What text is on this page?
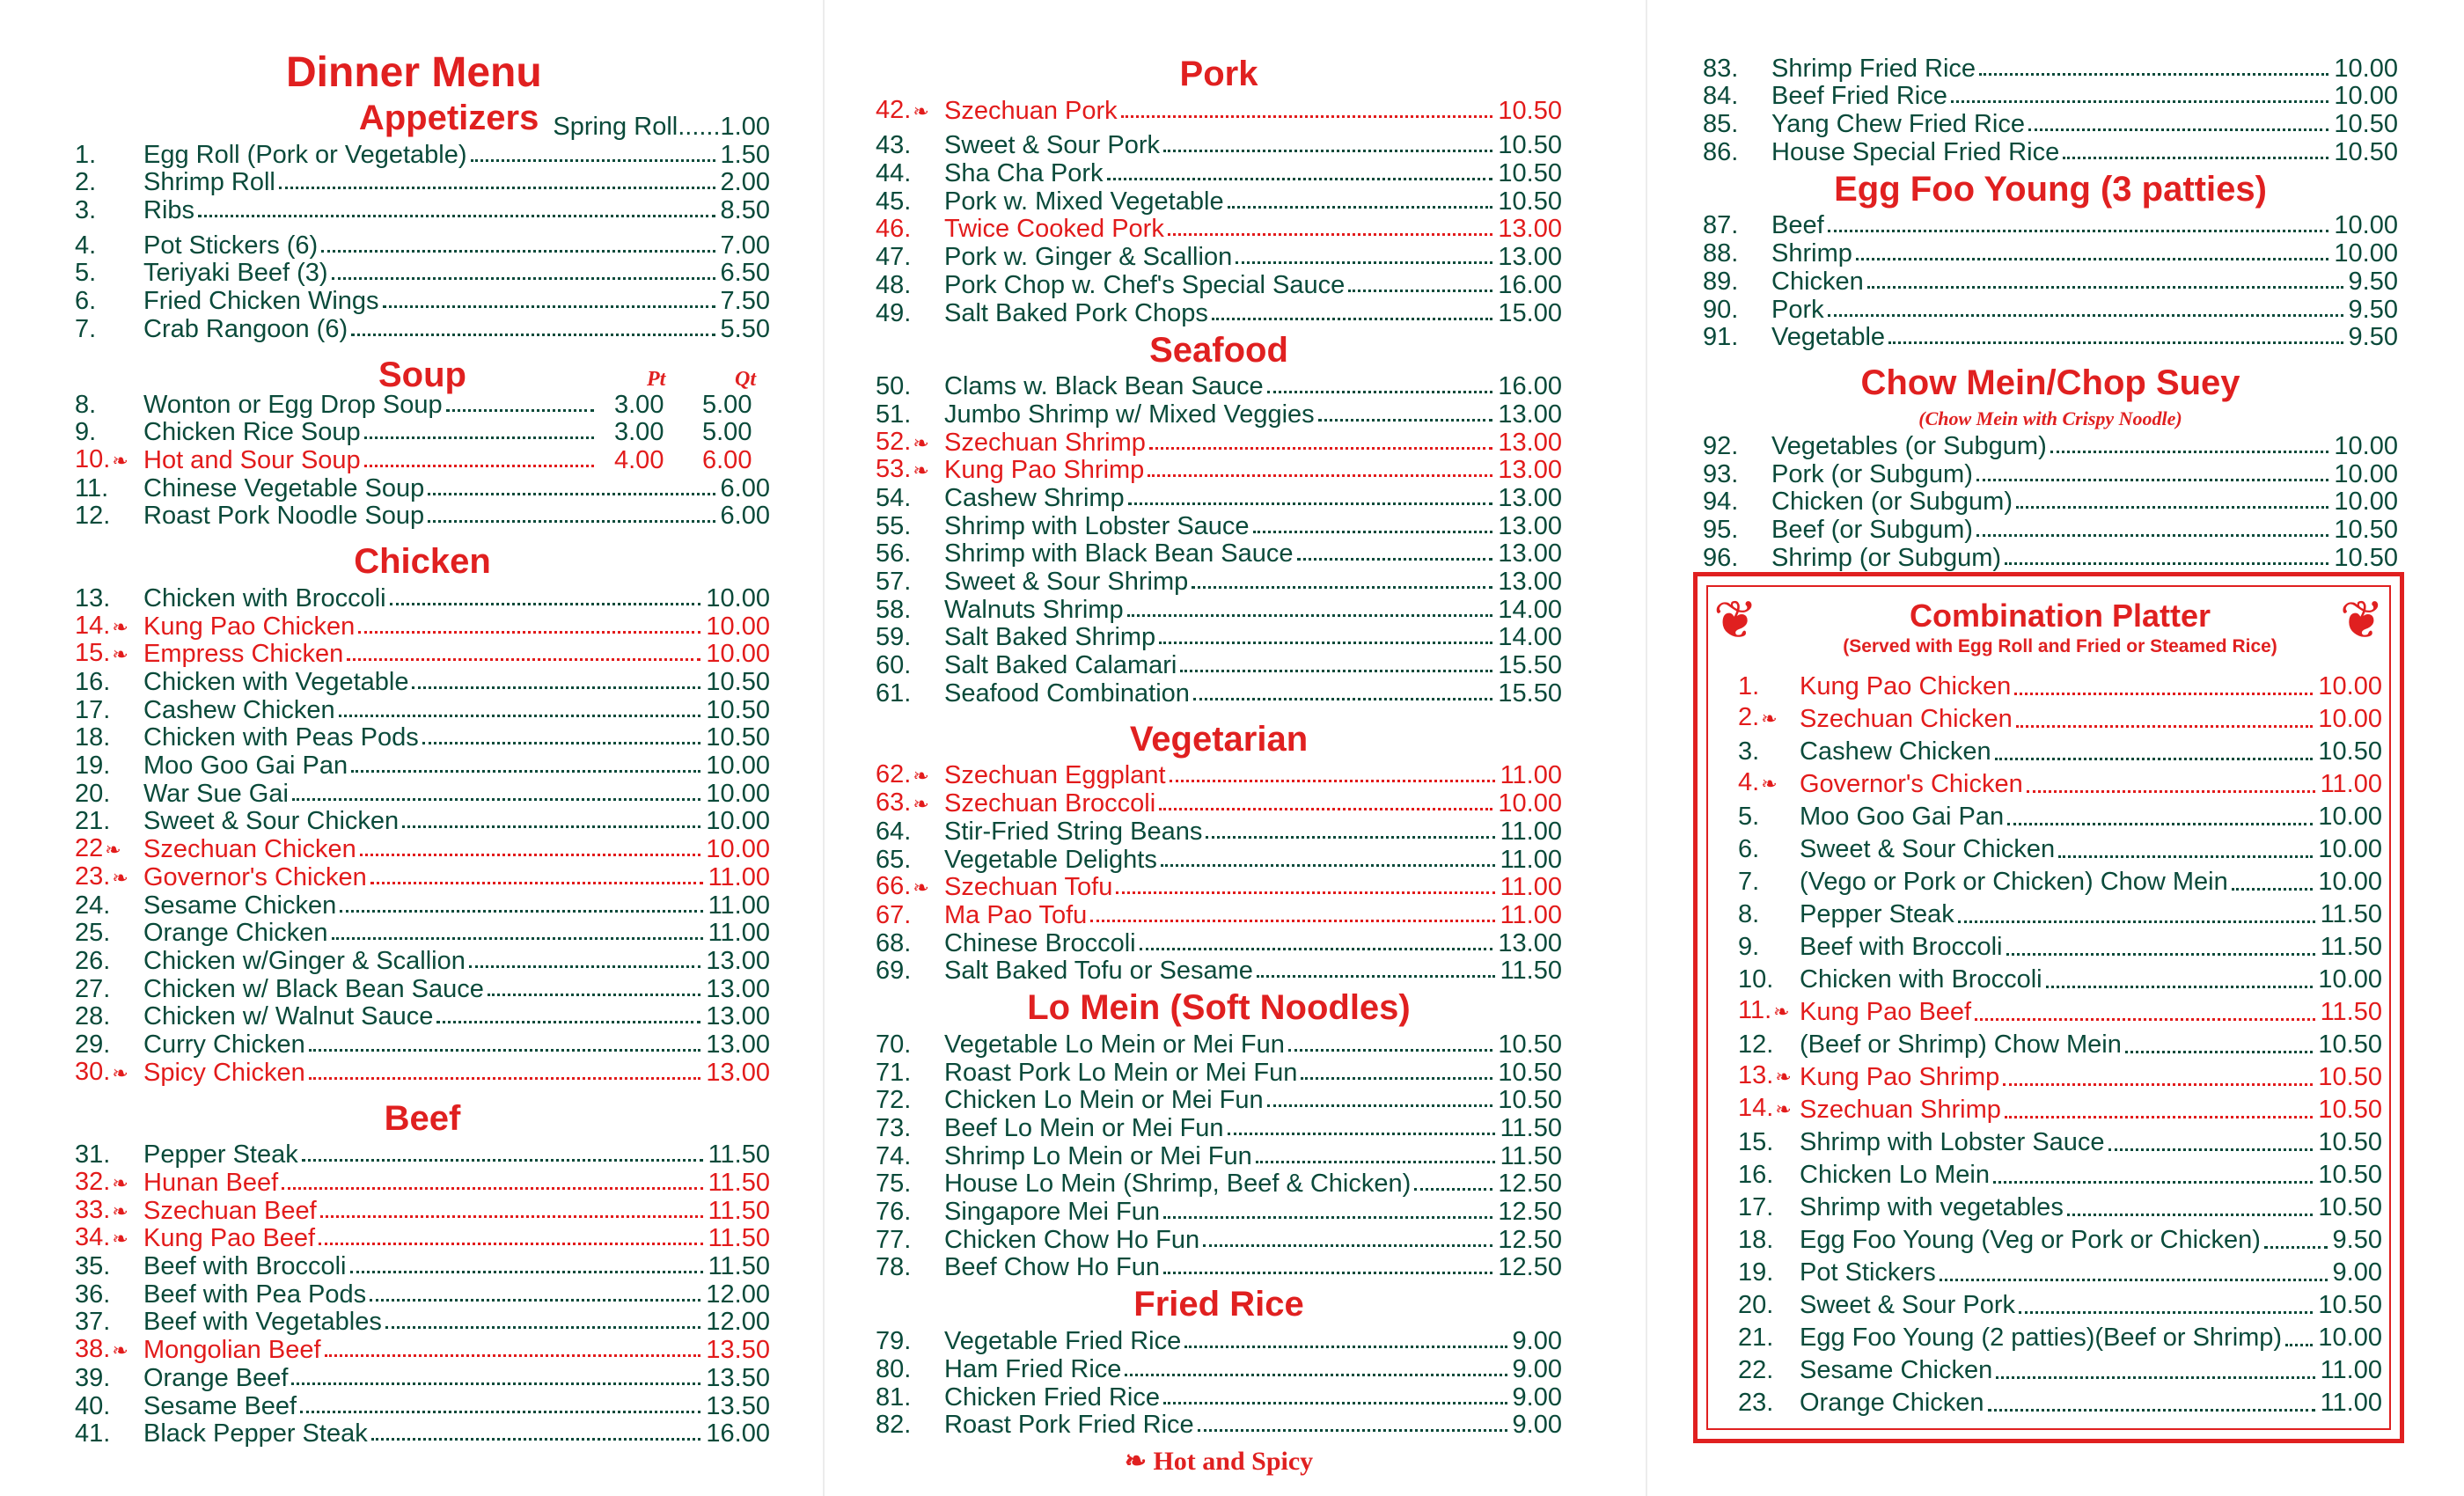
Dinner Menu
Appetizers Spring Roll......1.00
1.	Egg Roll (Pork or Vegetable)	1.50
2.	Shrimp Roll	2.00
3.	Ribs	8.50
4.	Pot Stickers (6)	7.00
5.	Teriyaki Beef (3)	6.50
6.	Fried Chicken Wings	7.50
7.	Crab Rangoon (6)	5.50
Soup	Pt	Qt
8.	Wonton or Egg Drop Soup	3.00 5.00
9.	Chicken Rice Soup	3.00 5.00
10.❧ Hot and Sour Soup	4.00 6.00
11.	Chinese Vegetable Soup	6.00
12.	Roast Pork Noodle Soup	6.00
Chicken
13.	Chicken with Broccoli	10.00
14.❧ Kung Pao Chicken	10.00
15.❧ Empress Chicken	10.00
16.	Chicken with Vegetable	10.50
17.	Cashew Chicken	10.50
18.	Chicken with Peas Pods	10.50
19.	Moo Goo Gai Pan	10.00
20.	War Sue Gai	10.00
21.	Sweet & Sour Chicken	10.00
22❧ Szechuan Chicken	10.00
23.❧ Governor's Chicken	11.00
24.	Sesame Chicken	11.00
25.	Orange Chicken	11.00
26.	Chicken w/Ginger & Scallion	13.00
27.	Chicken w/ Black Bean Sauce	13.00
28.	Chicken w/ Walnut Sauce	13.00
29.	Curry Chicken	13.00
30.❧ Spicy Chicken	13.00
Beef
31.	Pepper Steak	11.50
32.❧ Hunan Beef	11.50
33.❧ Szechuan Beef	11.50
34.❧ Kung Pao Beef	11.50
35.	Beef with Broccoli	11.50
36.	Beef with Pea Pods	12.00
37.	Beef with Vegetables	12.00
38.❧ Mongolian Beef	13.50
39.	Orange Beef	13.50
40.	Sesame Beef	13.50
41.	Black Pepper Steak	16.00
Pork
42.❧ Szechuan Pork	10.50
43.	Sweet & Sour Pork	10.50
44.	Sha Cha Pork	10.50
45.	Pork w. Mixed Vegetable	10.50
46.	Twice Cooked Pork	13.00
47.	Pork w. Ginger & Scallion	13.00
48.	Pork Chop w. Chef's Special Sauce	16.00
49.	Salt Baked Pork Chops	15.00
Seafood
50.	Clams w. Black Bean Sauce	16.00
51.	Jumbo Shrimp w/ Mixed Veggies	13.00
52.❧ Szechuan Shrimp	13.00
53.❧ Kung Pao Shrimp	13.00
54.	Cashew Shrimp	13.00
55.	Shrimp with Lobster Sauce	13.00
56.	Shrimp with Black Bean Sauce	13.00
57.	Sweet & Sour Shrimp	13.00
58.	Walnuts Shrimp	14.00
59.	Salt Baked Shrimp	14.00
60.	Salt Baked Calamari	15.50
61.	Seafood Combination	15.50
Vegetarian
62.❧ Szechuan Eggplant	11.00
63.❧ Szechuan Broccoli	10.00
64.	Stir-Fried String Beans	11.00
65.	Vegetable Delights	11.00
66.❧ Szechuan Tofu	11.00
67.	Ma Pao Tofu	11.00
68.	Chinese Broccoli	13.00
69.	Salt Baked Tofu or Sesame	11.50
Lo Mein (Soft Noodles)
70.	Vegetable Lo Mein or Mei Fun	10.50
71.	Roast Pork Lo Mein or Mei Fun	10.50
72.	Chicken Lo Mein or Mei Fun	10.50
73.	Beef Lo Mein or Mei Fun	11.50
74.	Shrimp Lo Mein or Mei Fun	11.50
75.	House Lo Mein (Shrimp, Beef & Chicken)	12.50
76.	Singapore Mei Fun	12.50
77.	Chicken Chow Ho Fun	12.50
78.	Beef Chow Ho Fun	12.50
Fried Rice
79.	Vegetable Fried Rice	9.00
80.	Ham Fried Rice	9.00
81.	Chicken Fried Rice	9.00
82.	Roast Pork Fried Rice	9.00
❧ Hot and Spicy
83.	Shrimp Fried Rice	10.00
84.	Beef Fried Rice	10.00
85.	Yang Chew Fried Rice	10.50
86.	House Special Fried Rice	10.50
Egg Foo Young (3 patties)
87.	Beef	10.00
88.	Shrimp	10.00
89.	Chicken	9.50
90.	Pork	9.50
91.	Vegetable	9.50
Chow Mein/Chop Suey
(Chow Mein with Crispy Noodle)
92.	Vegetables (or Subgum)	10.00
93.	Pork (or Subgum)	10.00
94.	Chicken (or Subgum)	10.00
95.	Beef (or Subgum)	10.50
96.	Shrimp (or Subgum)	10.50
❦	❦
Combination Platter
(Served with Egg Roll and Fried or Steamed Rice)
1.	Kung Pao Chicken	10.00
2.❧ Szechuan Chicken	10.00
3.	Cashew Chicken	10.50
4.❧ Governor's Chicken	11.00
5.	Moo Goo Gai Pan	10.00
6.	Sweet & Sour Chicken	10.00
7.	(Vego or Pork or Chicken) Chow Mein	10.00
8.	Pepper Steak	11.50
9.	Beef with Broccoli	11.50
10.	Chicken with Broccoli	10.00
11.❧ Kung Pao Beef	11.50
12.	(Beef or Shrimp) Chow Mein	10.50
13.❧ Kung Pao Shrimp	10.50
14.❧ Szechuan Shrimp	10.50
15.	Shrimp with Lobster Sauce	10.50
16.	Chicken Lo Mein	10.50
17.	Shrimp with vegetables	10.50
18.	Egg Foo Young (Veg or Pork or Chicken)	9.50
19.	Pot Stickers	9.00
20.	Sweet & Sour Pork	10.50
21.	Egg Foo Young (2 patties)(Beef or Shrimp) 10.00
22.	Sesame Chicken	11.00
23.	Orange Chicken	11.00
